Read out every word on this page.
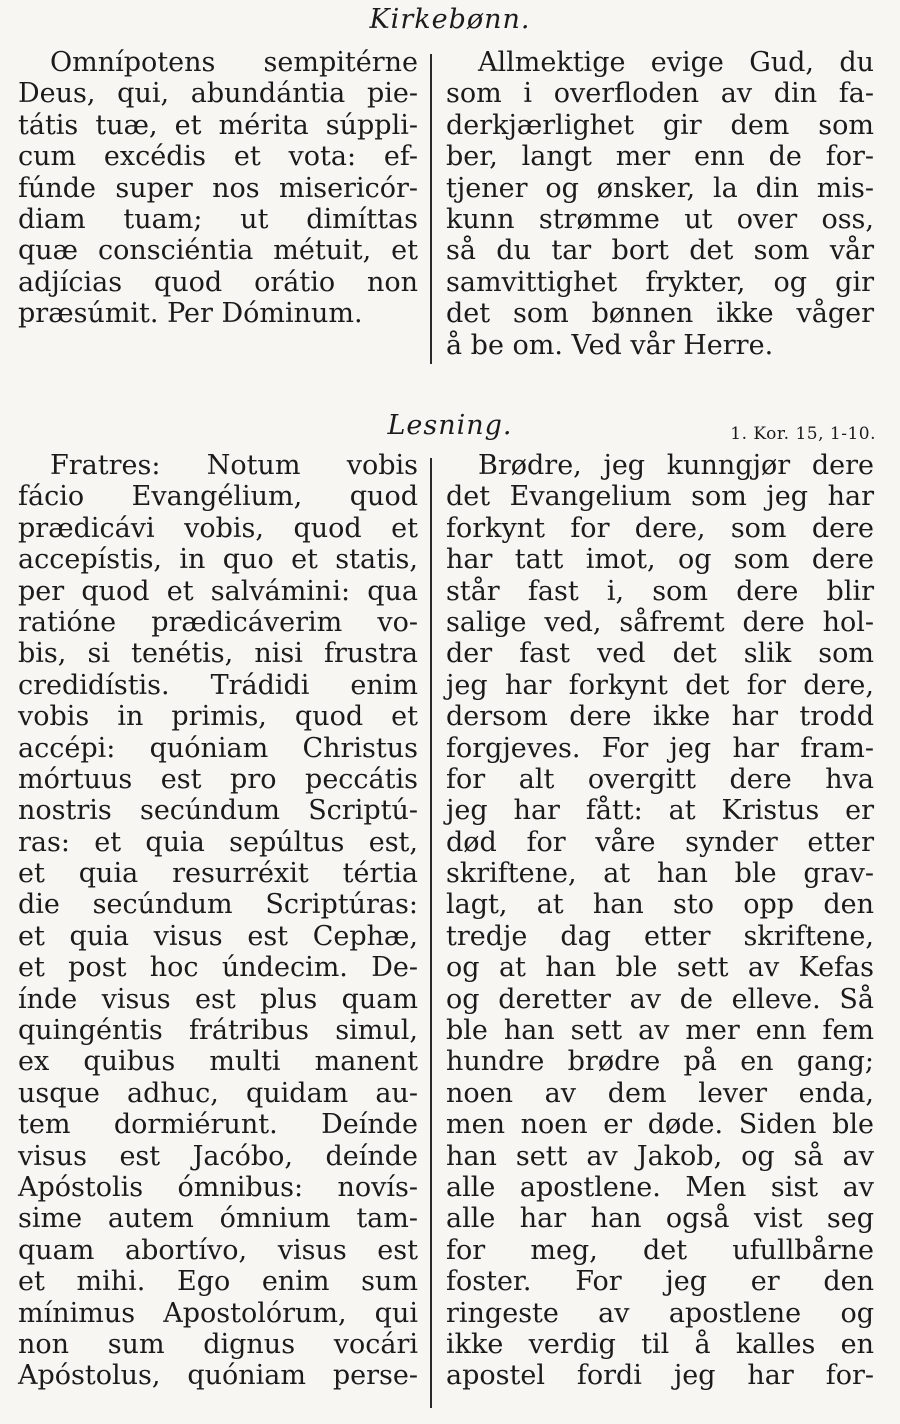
Kirkebønn.
Omnípotens sempitérne
Deus, qui, abundántia pie-
tátis tuæ, et mérita súppli-
cum excédis et vota: ef-
fúnde super nos misericór-
diam tuam; ut dimíttas
quæ consciéntia métuit, et
adjícias quod orátio non
præsúmit. Per Dóminum.
Allmektige evige Gud, du
som i overfloden av din fa-
derkjærlighet gir dem som
ber, langt mer enn de for-
tjener og ønsker, la din mis-
kunn strømme ut over oss,
så du tar bort det som vår
samvittighet frykter, og gir
det som bønnen ikke våger
å be om. Ved vår Herre.
Lesning.	1. Kor. 15, 1-10.
Fratres: Notum vobis
fácio Evangélium, quod
prædicávi vobis, quod et
accepístis, in quo et statis,
per quod et salvámini: qua
ratióne prædicáverim vo-
bis, si tenétis, nisi frustra
credidístis. Trádidi enim
vobis in primis, quod et
accépi: quóniam Christus
mórtuus est pro peccátis
nostris secúndum Scriptú-
ras: et quia sepúltus est,
et quia resurréxit tértia
die secúndum Scriptúras:
et quia visus est Cephæ,
et post hoc úndecim. De-
índe visus est plus quam
quingéntis frátribus simul,
ex quibus multi manent
usque adhuc, quidam au-
tem dormiérunt. Deínde
visus est Jacóbo, deínde
Apóstolis ómnibus: novís-
sime autem ómnium tam-
quam abortívo, visus est
et mihi. Ego enim sum
mínimus Apostolórum, qui
non sum dignus vocári
Apóstolus, quóniam perse-
Brødre, jeg kunngjør dere
det Evangelium som jeg har
forkynt for dere, som dere
har tatt imot, og som dere
står fast i, som dere blir
salige ved, såfremt dere hol-
der fast ved det slik som
jeg har forkynt det for dere,
dersom dere ikke har trodd
forgjeves. For jeg har fram-
for alt overgitt dere hva
jeg har fått: at Kristus er
død for våre synder etter
skriftene, at han ble grav-
lagt, at han sto opp den
tredje dag etter skriftene,
og at han ble sett av Kefas
og deretter av de elleve. Så
ble han sett av mer enn fem
hundre brødre på en gang;
noen av dem lever enda,
men noen er døde. Siden ble
han sett av Jakob, og så av
alle apostlene. Men sist av
alle har han også vist seg
for meg, det ufullbårne
foster. For jeg er den
ringeste av apostlene og
ikke verdig til å kalles en
apostel fordi jeg har for-
